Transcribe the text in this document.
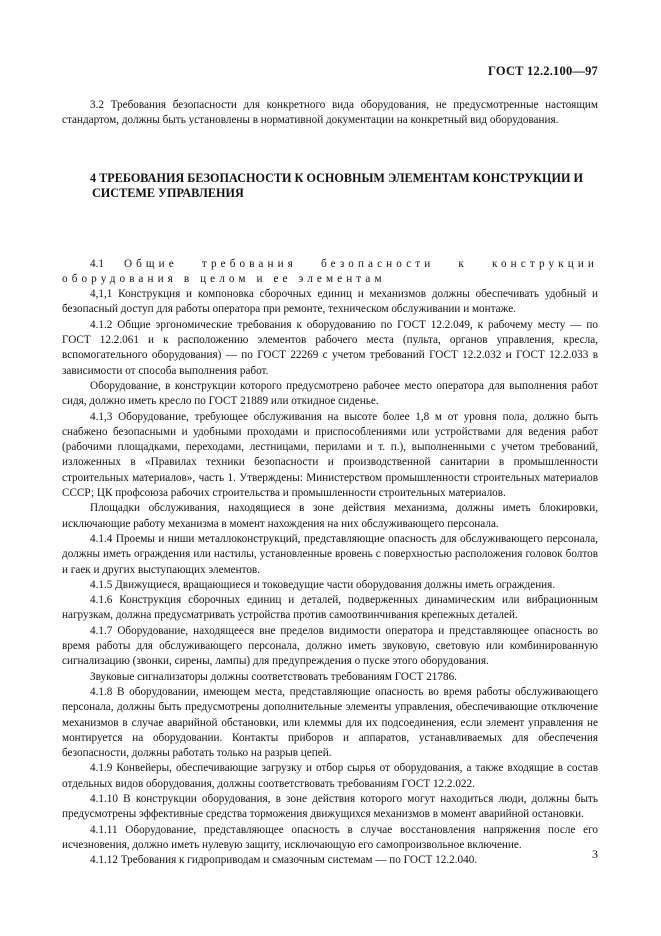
ГОСТ 12.2.100—97

3.2 Требования безопасности для конкретного вида оборудования, не предусмотренные настоящим стандартом, должны быть установлены в нормативной документации на конкретный вид оборудования.

4 ТРЕБОВАНИЯ БЕЗОПАСНОСТИ К ОСНОВНЫМ ЭЛЕМЕНТАМ КОНСТРУКЦИИ И
СИСТЕМЕ УПРАВЛЕНИЯ

4.1 Общие требования безопасности к конструкции оборудования в целом и ее элементам

4,1,1 Конструкция и компоновка сборочных единиц и механизмов должны обеспечивать удобный и безопасный доступ для работы оператора при ремонте, техническом обслуживании и монтаже.

4.1.2 Общие эргономические требования к оборудованию по ГОСТ 12.2.049, к рабочему месту — по ГОСТ 12.2.061 и к расположению элементов рабочего места (пульта, органов управления, кресла, вспомогательного оборудования) — по ГОСТ 22269 с учетом требований ГОСТ 12.2.032 и ГОСТ 12.2.033 в зависимости от способа выполнения работ.

Оборудование, в конструкции которого предусмотрено рабочее место оператора для выполнения работ сидя, должно иметь кресло по ГОСТ 21889 или откидное сиденье.

4.1,3 Оборудование, требующее обслуживания на высоте более 1,8 м от уровня пола, должно быть снабжено безопасными и удобными проходами и приспособлениями или устройствами для ведения работ (рабочими площадками, переходами, лестницами, перилами и т. п.), выполненными с учетом требований, изложенных в «Правилах техники безопасности и производственной санитарии в промышленности строительных материалов», часть 1. Утверждены: Министерством промышленности строительных материалов СССР; ЦК профсоюза рабочих строительства и промышленности строительных материалов.

Площадки обслуживания, находящиеся в зоне действия механизма, должны иметь блокировки, исключающие работу механизма в момент нахождения на них обслуживающего персонала.

4.1.4 Проемы и ниши металлоконструкций, представляющие опасность для обслуживающего персонала, должны иметь ограждения или настилы, установленные вровень с поверхностью расположения головок болтов и гаек и других выступающих элементов.

4.1.5 Движущиеся, вращающиеся и токоведущие части оборудования должны иметь ограждения.

4.1.6 Конструкция сборочных единиц и деталей, подверженных динамическим или вибрационным нагрузкам, должна предусматривать устройства против самоотвинчивания крепежных деталей.

4.1.7 Оборудование, находящееся вне пределов видимости оператора и представляющее опасность во время работы для обслуживающего персонала, должно иметь звуковую, световую или комбинированную сигнализацию (звонки, сирены, лампы) для предупреждения о пуске этого оборудования.

Звуковые сигнализаторы должны соответствовать требованиям ГОСТ 21786.

4.1.8 В оборудовании, имеющем места, представляющие опасность во время работы обслуживающего персонала, должны быть предусмотрены дополнительные элементы управления, обеспечивающие отключение механизмов в случае аварийной обстановки, или клеммы для их подсоединения, если элемент управления не монтируется на оборудовании. Контакты приборов и аппаратов, устанавливаемых для обеспечения безопасности, должны работать только на разрыв цепей.

4.1.9 Конвейеры, обеспечивающие загрузку и отбор сырья от оборудования, а также входящие в состав отдельных видов оборудования, должны соответствовать требованиям ГОСТ 12.2.022.

4.1.10 В конструкции оборудования, в зоне действия которого могут находиться люди, должны быть предусмотрены эффективные средства торможения движущихся механизмов в момент аварийной остановки.

4.1.11 Оборудование, представляющее опасность в случае восстановления напряжения после его исчезновения, должно иметь нулевую защиту, исключающую его самопроизвольное включение.

4.1.12 Требования к гидроприводам и смазочным системам — по ГОСТ 12.2.040.	3
